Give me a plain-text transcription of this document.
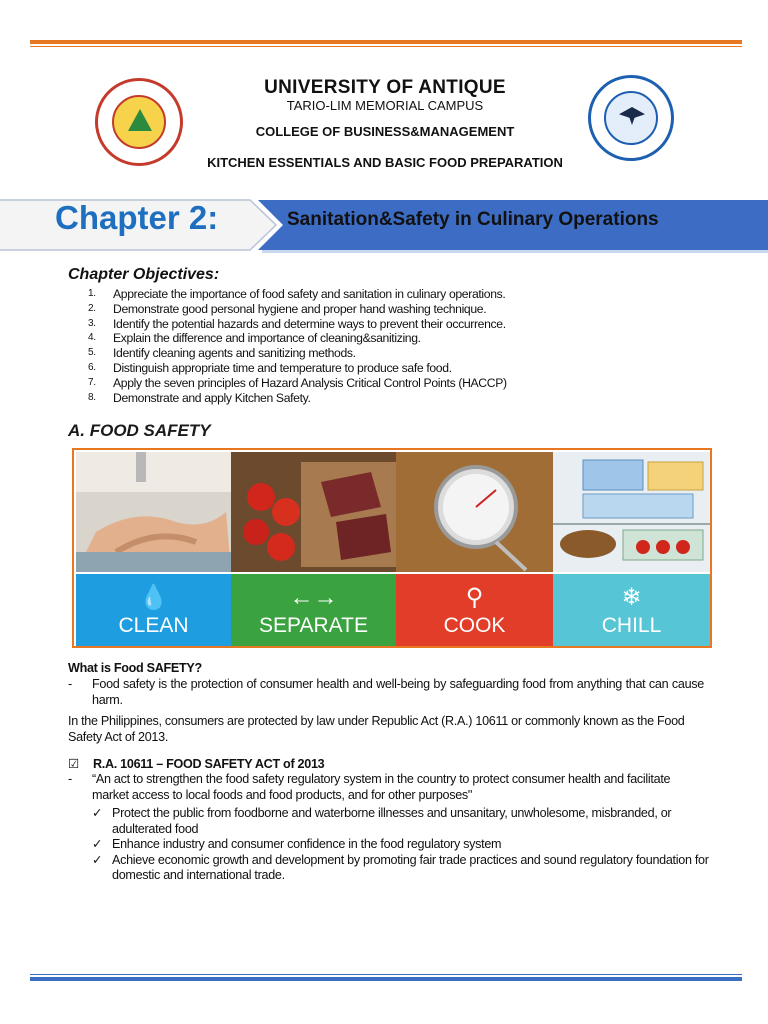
UNIVERSITY OF ANTIQUE
TARIO-LIM MEMORIAL CAMPUS
COLLEGE OF BUSINESS&MANAGEMENT
KITCHEN ESSENTIALS AND BASIC FOOD PREPARATION
Chapter 2:	Sanitation&Safety in Culinary Operations
Chapter Objectives:
1. Appreciate the importance of food safety and sanitation in culinary operations.
2. Demonstrate good personal hygiene and proper hand washing technique.
3. Identify the potential hazards and determine ways to prevent their occurrence.
4. Explain the difference and importance of cleaning&sanitizing.
5. Identify cleaning agents and sanitizing methods.
6. Distinguish appropriate time and temperature to produce safe food.
7. Apply the seven principles of Hazard Analysis Critical Control Points (HACCP)
8. Demonstrate and apply Kitchen Safety.
A. FOOD SAFETY
💧
CLEAN
←→
SEPARATE
⚲
COOK
❄
CHILL
What is Food SAFETY?
- Food safety is the protection of consumer health and well-being by safeguarding food from anything that can cause harm.
In the Philippines, consumers are protected by law under Republic Act (R.A.) 10611 or commonly known as the Food Safety Act of 2013.
☑ R.A. 10611 – FOOD SAFETY ACT of 2013
- “An act to strengthen the food safety regulatory system in the country to protect consumer health and facilitate market access to local foods and food products, and for other purposes"
✓ Protect the public from foodborne and waterborne illnesses and unsanitary, unwholesome, misbranded, or adulterated food
✓ Enhance industry and consumer confidence in the food regulatory system
✓ Achieve economic growth and development by promoting fair trade practices and sound regulatory foundation for domestic and international trade.
